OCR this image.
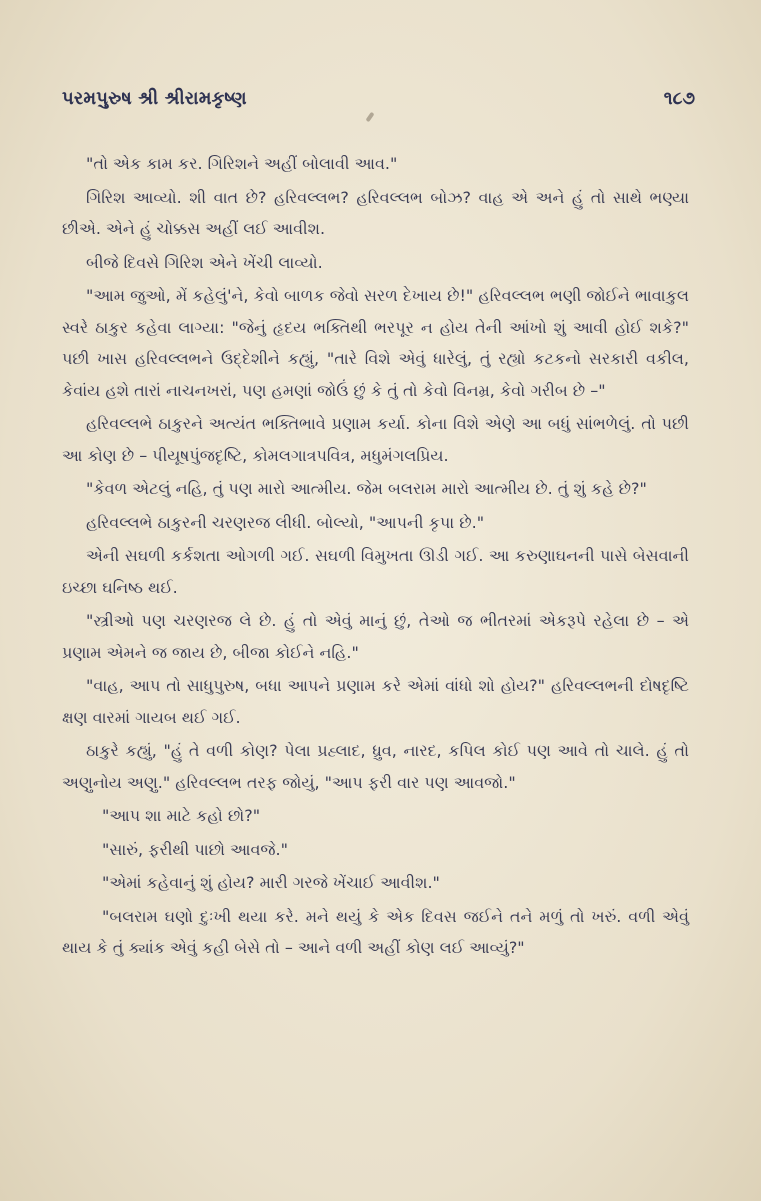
પરમપુરુષ શ્રી શ્રીરામકૃષ્ણ	૧૮૭

"તો એક કામ કર. ગિરિશને અહીં બોલાવી આવ."

ગિરિશ આવ્યો. શી વાત છે? હરિવલ્લભ? હરિવલ્લભ બોઝ? વાહ એ અને હું તો સાથે ભણ્યા છીએ. એને હું ચોક્કસ અહીં લઈ આવીશ.

બીજે દિવસે ગિરિશ એને ખેંચી લાવ્યો.

"આમ જુઓ, મેં કહેલું'ને, કેવો બાળક જેવો સરળ દેખાય છે!" હરિવલ્લભ ભણી જોઈને ભાવાકુલ સ્વરે ઠાકુર કહેવા લાગ્યા: "જેનું હૃદય ભક્તિથી ભરપૂર ન હોય તેની આંખો શું આવી હોઈ શકે?" પછી ખાસ હરિવલ્લભને ઉદ્દેશીને કહ્યું, "તારે વિશે એવું ધારેલું, તું રહ્યો કટકનો સરકારી વકીલ, કેવાંય હશે તારાં નાચનખરાં, પણ હમણાં જોઉં છું કે તું તો કેવો વિનમ્ર, કેવો ગરીબ છે –"

હરિવલ્લભે ઠાકુરને અત્યંત ભક્તિભાવે પ્રણામ કર્યા. કોના વિશે એણે આ બધું સાંભળેલું. તો પછી આ કોણ છે – પીયૂષપુંજદૃષ્ટિ, કોમલગાત્રપવિત્ર, મધુમંગલપ્રિય.

"કેવળ એટલું નહિ, તું પણ મારો આત્મીય. જેમ બલરામ મારો આત્મીય છે. તું શું કહે છે?"

હરિવલ્લભે ઠાકુરની ચરણરજ લીધી. બોલ્યો, "આપની કૃપા છે."

એની સઘળી કર્કશતા ઓગળી ગઈ. સઘળી વિમુખતા ઊડી ગઈ. આ કરુણાઘનની પાસે બેસવાની ઇચ્છા ઘનિષ્ઠ થઈ.

"સ્ત્રીઓ પણ ચરણરજ લે છે. હું તો એવું માનું છું, તેઓ જ ભીતરમાં એકરૂપે રહેલા છે – એ પ્રણામ એમને જ જાય છે, બીજા કોઈને નહિ."

"વાહ, આપ તો સાધુપુરુષ, બધા આપને પ્રણામ કરે એમાં વાંધો શો હોય?" હરિવલ્લભની દોષદૃષ્ટિ ક્ષણ વારમાં ગાયબ થઈ ગઈ.

ઠાકુરે કહ્યું, "હું તે વળી કોણ? પેલા પ્રહ્લાદ, ધ્રુવ, નારદ, કપિલ કોઈ પણ આવે તો ચાલે. હું તો અણુનોય અણુ." હરિવલ્લભ તરફ જોયું, "આપ ફરી વાર પણ આવજો."

"આપ શા માટે કહો છો?"

"સારું, ફરીથી પાછો આવજે."

"એમાં કહેવાનું શું હોય? મારી ગરજે ખેંચાઈ આવીશ."

"બલરામ ઘણો દુઃખી થયા કરે. મને થયું કે એક દિવસ જઈને તને મળું તો ખરું. વળી એવું થાય કે તું ક્યાંક એવું કહી બેસે તો – આને વળી અહીં કોણ લઈ આવ્યું?"
